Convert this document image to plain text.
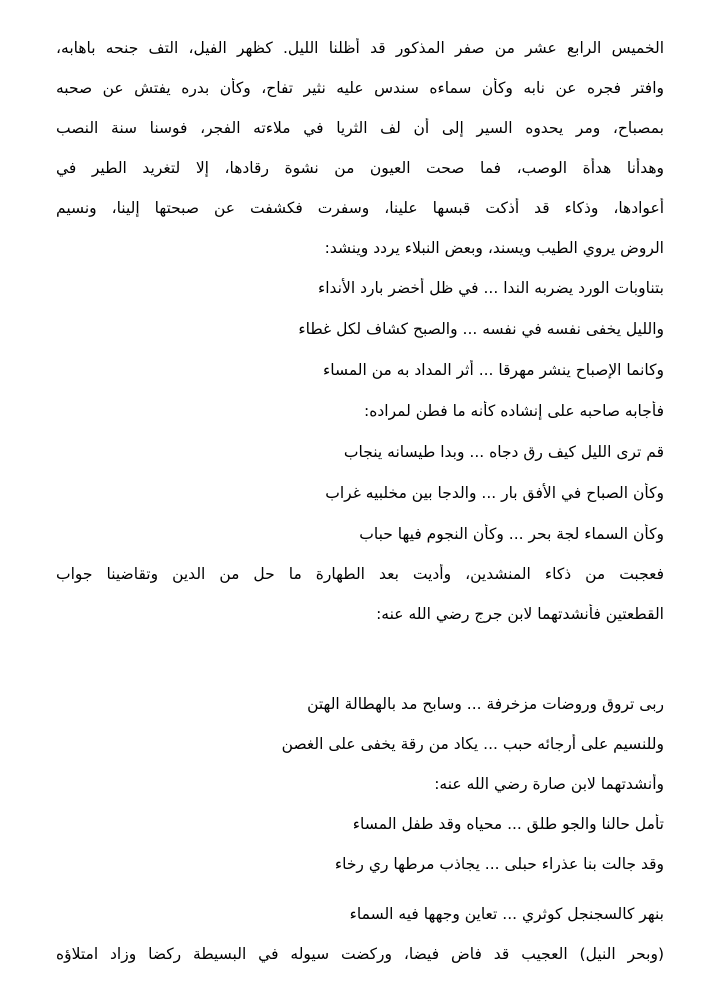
الخميس الرابع عشر من صفر المذكور قد أظلنا الليل. كظهر الفيل، التف جنحه باهابه،

وافتر فجره عن نابه وكأن سماءه سندس عليه نثير تفاح، وكأن بدره يفتش عن صحبه

بمصباح، ومر يحدوه السير إلى أن لف الثريا في ملاءته الفجر، فوسنا سنة النصب

وهدأنا هدأة الوصب، فما صحت العيون من نشوة رقادها، إلا لتغريد الطير في

أعوادها، وذكاء قد أذكت قبسها علينا، وسفرت فكشفت عن صبحتها إلينا، ونسيم

الروض يروي الطيب ويسند، وبعض النبلاء يردد وينشد:

بتناوبات الورد يضربه الندا ... في ظل أخضر بارد الأنداء

والليل يخفى نفسه في نفسه ... والصبح كشاف لكل غطاء

وكانما الإصباح ينشر مهرقا ... أثر المداد به من المساء

فأجابه صاحبه على إنشاده كأنه ما فطن لمراده:

قم ترى الليل كيف رق دجاه ... وبدا طيسانه ينجاب

وكأن الصباح في الأفق بار ... والدجا بين مخلبيه غراب

وكأن السماء لجة بحر ... وكأن النجوم فيها حباب

فعجبت من ذكاء المنشدين، وأديت بعد الطهارة ما حل من الدين وتقاضينا جواب

القطعتين فأنشدتهما لابن جرج رضي الله عنه:

ربى تروق وروضات مزخرفة ... وسابح مد بالهطالة الهتن

وللنسيم على أرجائه حبب ... يكاد من رقة يخفى على الغصن

وأنشدتهما لابن صارة رضي الله عنه:

تأمل حالنا والجو طلق ... محياه وقد طفل المساء

وقد جالت بنا عذراء حبلى ... يجاذب مرطها ري رخاء

بنهر كالسجنجل كوثري ... تعاين وجهها فيه السماء

(وبحر النيل) العجيب قد فاض فيضا، وركضت سيوله في البسيطة ركضا وزاد امتلاؤه
